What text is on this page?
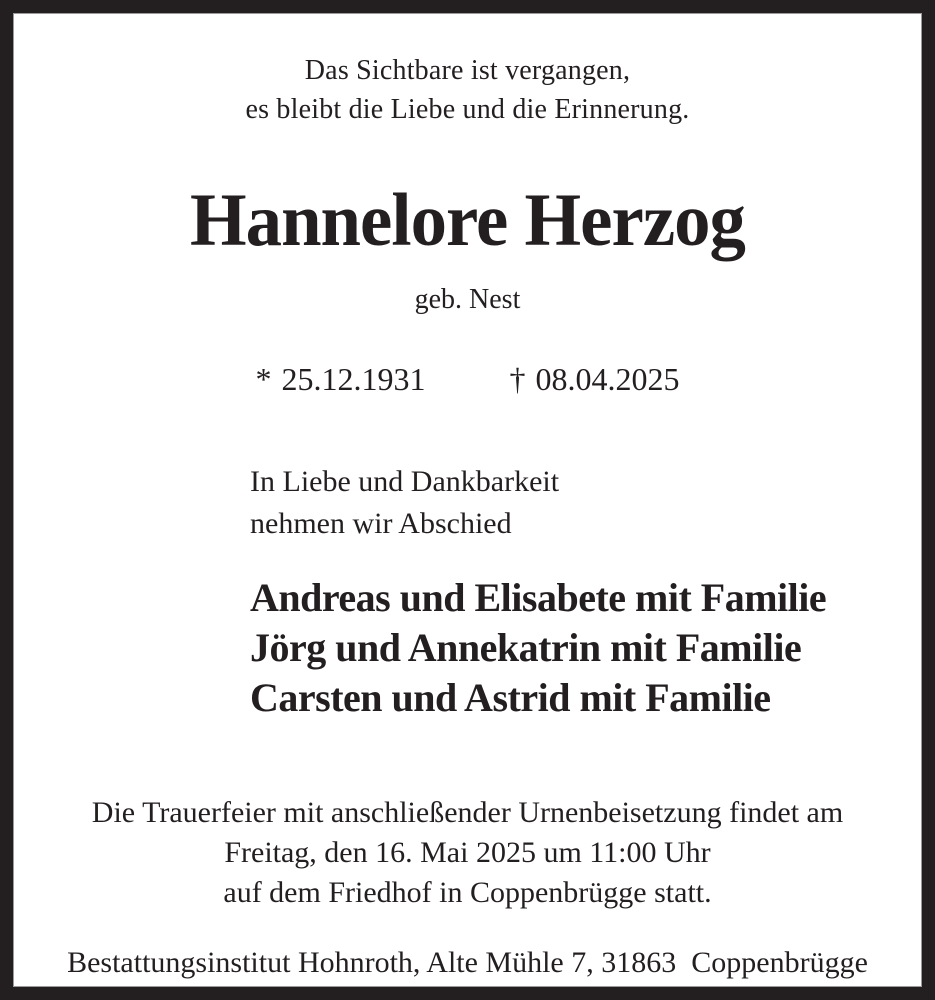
Das Sichtbare ist vergangen,
es bleibt die Liebe und die Erinnerung.
Hannelore Herzog
geb. Nest
* 25.12.1931	† 08.04.2025
In Liebe und Dankbarkeit
nehmen wir Abschied
Andreas und Elisabete mit Familie
Jörg und Annekatrin mit Familie
Carsten und Astrid mit Familie
Die Trauerfeier mit anschließender Urnenbeisetzung findet am
Freitag, den 16. Mai 2025 um 11:00 Uhr
auf dem Friedhof in Coppenbrügge statt.
Bestattungsinstitut Hohnroth, Alte Mühle 7, 31863  Coppenbrügge
